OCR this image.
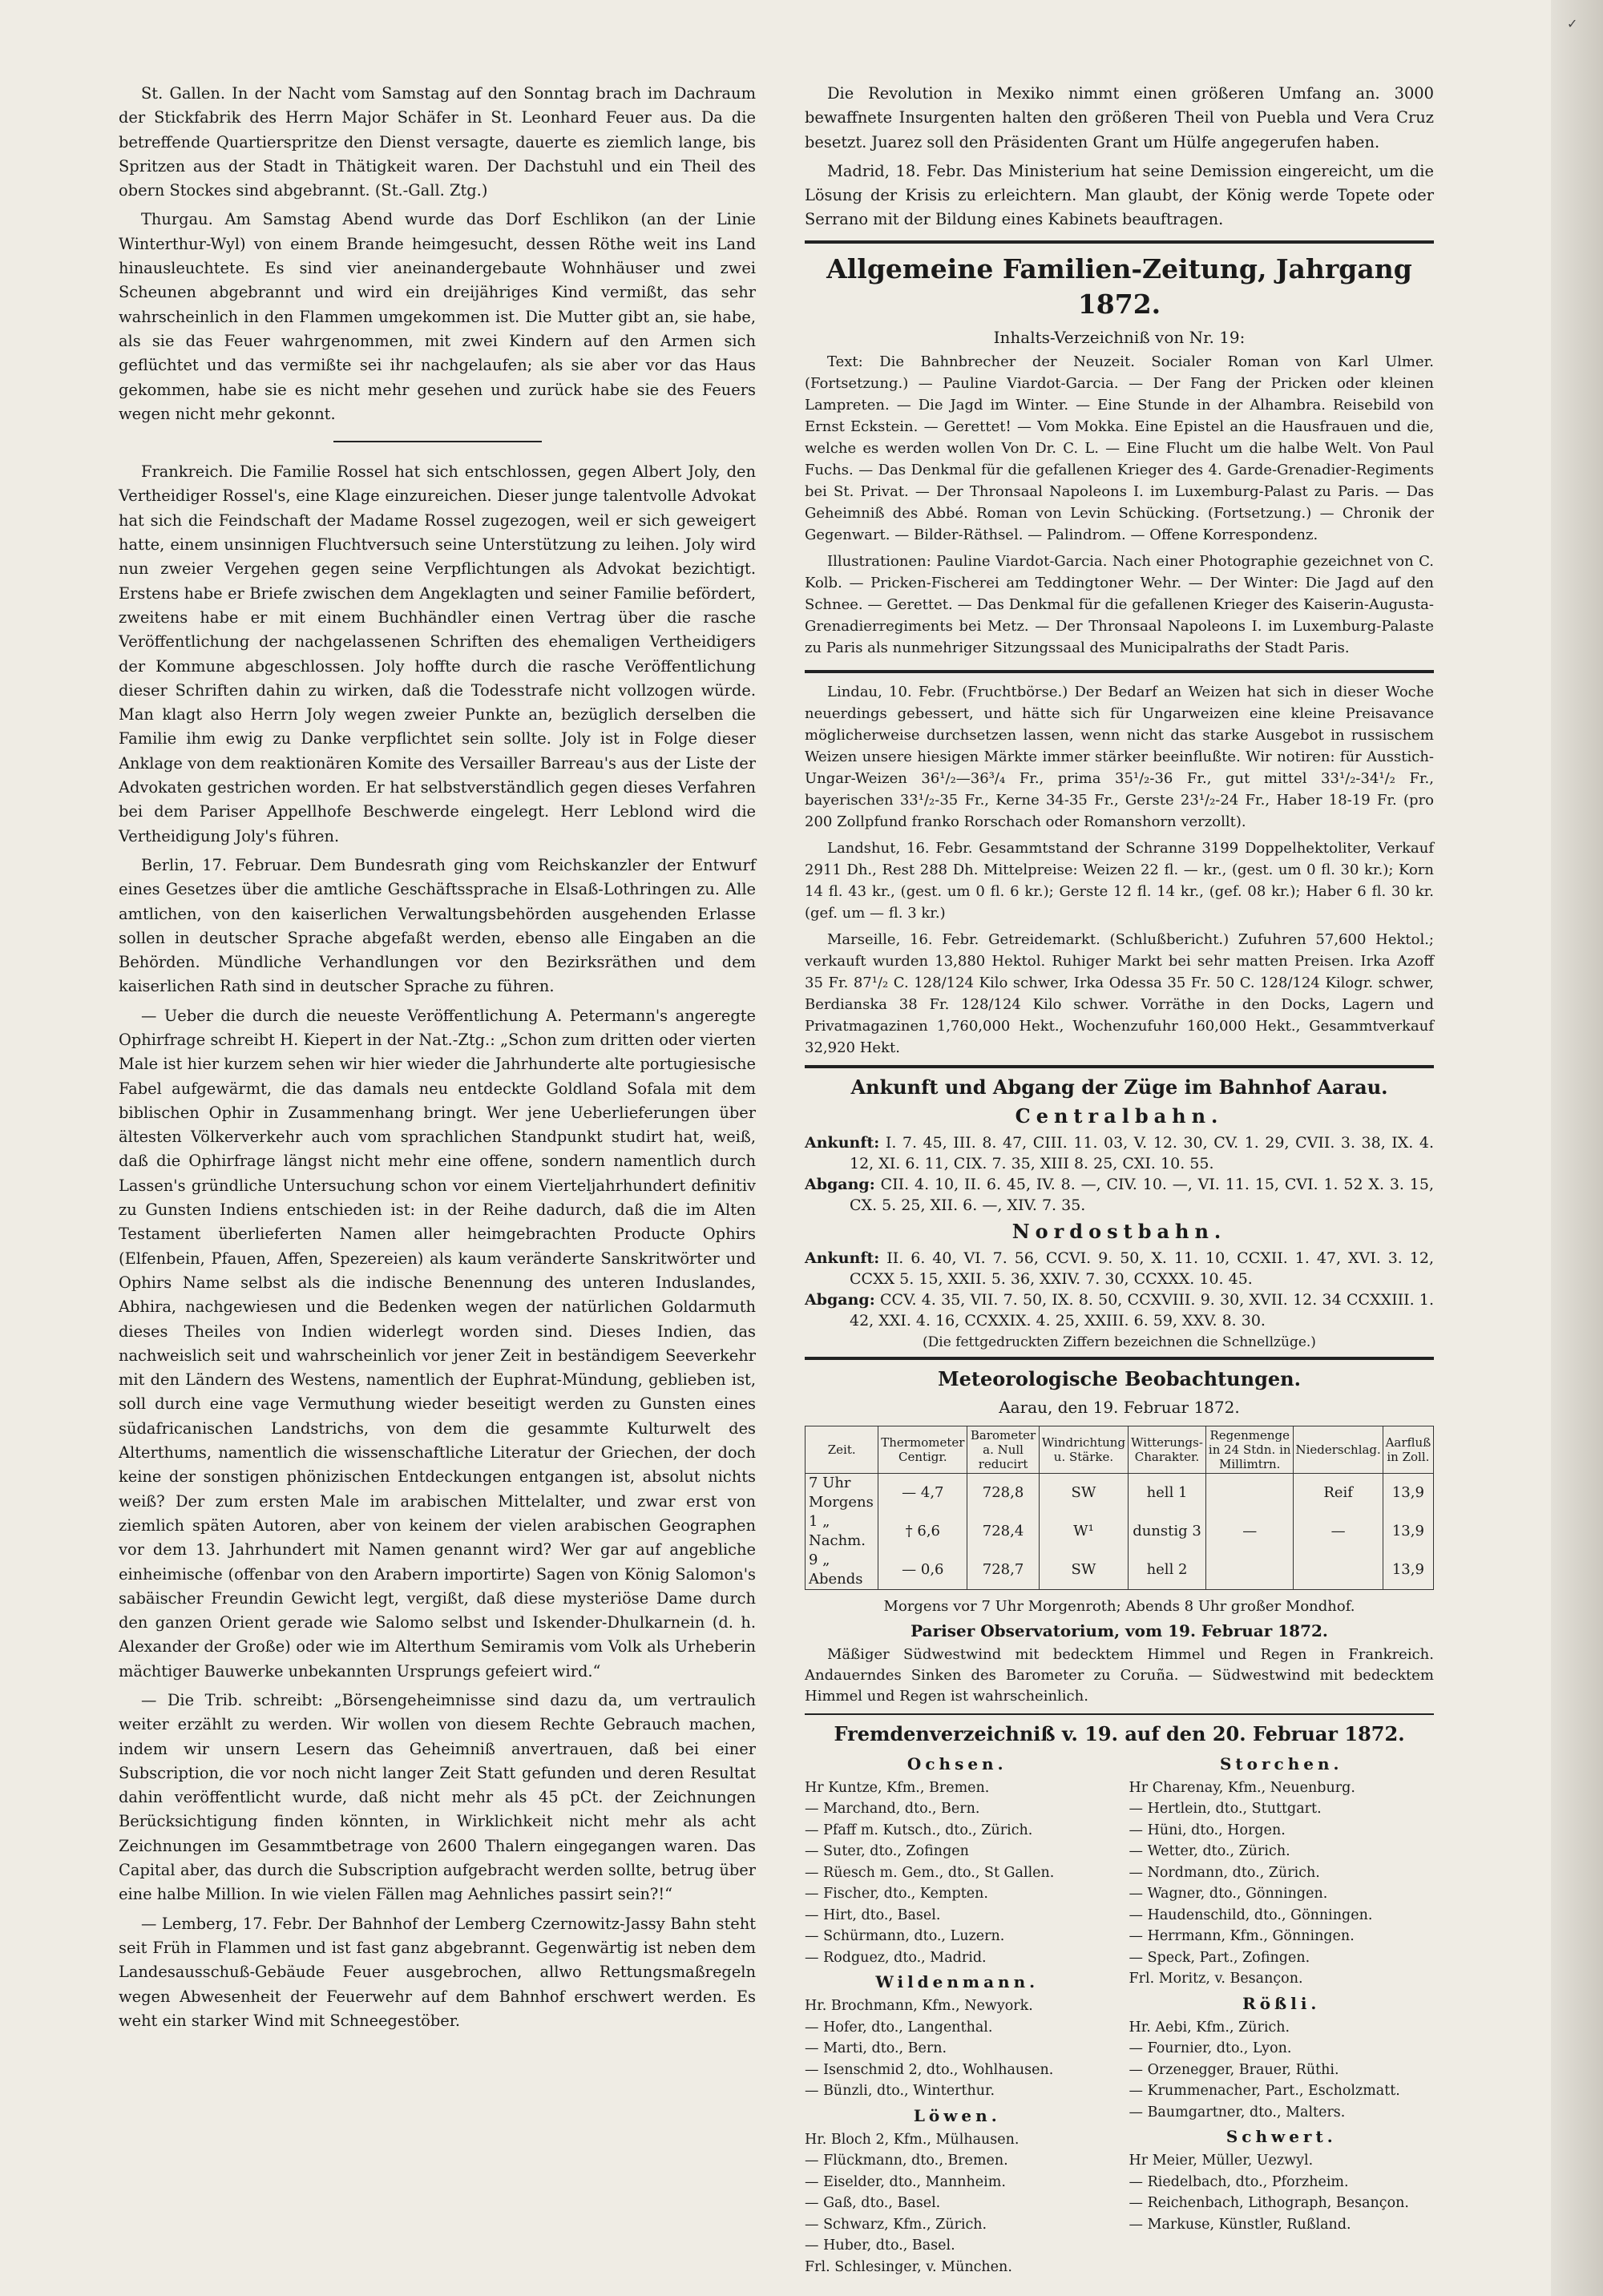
St. Gallen. In der Nacht vom Samstag auf den Sonntag brach im Dachraum der Stickfabrik des Herrn Major Schäfer in St. Leonhard Feuer aus. Da die betreffende Quartierspritze den Dienst versagte, dauerte es ziemlich lange, bis Spritzen aus der Stadt in Thätigkeit waren. Der Dachstuhl und ein Theil des obern Stockes sind abgebrannt. (St.-Gall. Ztg.)

Thurgau. Am Samstag Abend wurde das Dorf Eschlikon (an der Linie Winterthur-Wyl) von einem Brande heimgesucht, dessen Röthe weit ins Land hinausleuchtete. Es sind vier aneinandergebaute Wohnhäuser und zwei Scheunen abgebrannt und wird ein dreijähriges Kind vermißt, das sehr wahrscheinlich in den Flammen umgekommen ist. Die Mutter gibt an, sie habe, als sie das Feuer wahrgenommen, mit zwei Kindern auf den Armen sich geflüchtet und das vermißte sei ihr nachgelaufen; als sie aber vor das Haus gekommen, habe sie es nicht mehr gesehen und zurück habe sie des Feuers wegen nicht mehr gekonnt.

Frankreich. Die Familie Rossel hat sich entschlossen, gegen Albert Joly, den Vertheidiger Rossel's, eine Klage einzureichen. Dieser junge talentvolle Advokat hat sich die Feindschaft der Madame Rossel zugezogen, weil er sich geweigert hatte, einem unsinnigen Fluchtversuch seine Unterstützung zu leihen. Joly wird nun zweier Vergehen gegen seine Verpflichtungen als Advokat bezichtigt. Erstens habe er Briefe zwischen dem Angeklagten und seiner Familie befördert, zweitens habe er mit einem Buchhändler einen Vertrag über die rasche Veröffentlichung der nachgelassenen Schriften des ehemaligen Vertheidigers der Kommune abgeschlossen. Joly hoffte durch die rasche Veröffentlichung dieser Schriften dahin zu wirken, daß die Todesstrafe nicht vollzogen würde. Man klagt also Herrn Joly wegen zweier Punkte an, bezüglich derselben die Familie ihm ewig zu Danke verpflichtet sein sollte. Joly ist in Folge dieser Anklage von dem reaktionären Komite des Versailler Barreau's aus der Liste der Advokaten gestrichen worden. Er hat selbstverständlich gegen dieses Verfahren bei dem Pariser Appellhofe Beschwerde eingelegt. Herr Leblond wird die Vertheidigung Joly's führen.

Berlin, 17. Februar. Dem Bundesrath ging vom Reichskanzler der Entwurf eines Gesetzes über die amtliche Geschäftssprache in Elsaß-Lothringen zu. Alle amtlichen, von den kaiserlichen Verwaltungsbehörden ausgehenden Erlasse sollen in deutscher Sprache abgefaßt werden, ebenso alle Eingaben an die Behörden. Mündliche Verhandlungen vor den Bezirksräthen und dem kaiserlichen Rath sind in deutscher Sprache zu führen.

— Ueber die durch die neueste Veröffentlichung A. Petermann's angeregte Ophirfrage schreibt H. Kiepert in der Nat.-Ztg.: „Schon zum dritten oder vierten Male ist hier kurzem sehen wir hier wieder die Jahrhunderte alte portugiesische Fabel aufgewärmt, die das damals neu entdeckte Goldland Sofala mit dem biblischen Ophir in Zusammenhang bringt. Wer jene Ueberlieferungen über ältesten Völkerverkehr auch vom sprachlichen Standpunkt studirt hat, weiß, daß die Ophirfrage längst nicht mehr eine offene, sondern namentlich durch Lassen's gründliche Untersuchung schon vor einem Vierteljahrhundert definitiv zu Gunsten Indiens entschieden ist: in der Reihe dadurch, daß die im Alten Testament überlieferten Namen aller heimgebrachten Producte Ophirs (Elfenbein, Pfauen, Affen, Spezereien) als kaum veränderte Sanskritwörter und Ophirs Name selbst als die indische Benennung des unteren Induslandes, Abhira, nachgewiesen und die Bedenken wegen der natürlichen Goldarmuth dieses Theiles von Indien widerlegt worden sind. Dieses Indien, das nachweislich seit und wahrscheinlich vor jener Zeit in beständigem Seeverkehr mit den Ländern des Westens, namentlich der Euphrat-Mündung, geblieben ist, soll durch eine vage Vermuthung wieder beseitigt werden zu Gunsten eines südafricanischen Landstrichs, von dem die gesammte Kulturwelt des Alterthums, namentlich die wissenschaftliche Literatur der Griechen, der doch keine der sonstigen phönizischen Entdeckungen entgangen ist, absolut nichts weiß? Der zum ersten Male im arabischen Mittelalter, und zwar erst von ziemlich späten Autoren, aber von keinem der vielen arabischen Geographen vor dem 13. Jahrhundert mit Namen genannt wird? Wer gar auf angebliche einheimische (offenbar von den Arabern importirte) Sagen von König Salomon's sabäischer Freundin Gewicht legt, vergißt, daß diese mysteriöse Dame durch den ganzen Orient gerade wie Salomo selbst und Iskender-Dhulkarnein (d. h. Alexander der Große) oder wie im Alterthum Semiramis vom Volk als Urheberin mächtiger Bauwerke unbekannten Ursprungs gefeiert wird.“

— Die Trib. schreibt: „Börsengeheimnisse sind dazu da, um vertraulich weiter erzählt zu werden. Wir wollen von diesem Rechte Gebrauch machen, indem wir unsern Lesern das Geheimniß anvertrauen, daß bei einer Subscription, die vor noch nicht langer Zeit Statt gefunden und deren Resultat dahin veröffentlicht wurde, daß nicht mehr als 45 pCt. der Zeichnungen Berücksichtigung finden könnten, in Wirklichkeit nicht mehr als acht Zeichnungen im Gesammtbetrage von 2600 Thalern eingegangen waren. Das Capital aber, das durch die Subscription aufgebracht werden sollte, betrug über eine halbe Million. In wie vielen Fällen mag Aehnliches passirt sein?!“

— Lemberg, 17. Febr. Der Bahnhof der Lemberg Czernowitz-Jassy Bahn steht seit Früh in Flammen und ist fast ganz abgebrannt. Gegenwärtig ist neben dem Landesausschuß-Gebäude Feuer ausgebrochen, allwo Rettungsmaßregeln wegen Abwesenheit der Feuerwehr auf dem Bahnhof erschwert werden. Es weht ein starker Wind mit Schneegestöber.

Die Revolution in Mexiko nimmt einen größeren Umfang an. 3000 bewaffnete Insurgenten halten den größeren Theil von Puebla und Vera Cruz besetzt. Juarez soll den Präsidenten Grant um Hülfe angegerufen haben.

Madrid, 18. Febr. Das Ministerium hat seine Demission eingereicht, um die Lösung der Krisis zu erleichtern. Man glaubt, der König werde Topete oder Serrano mit der Bildung eines Kabinets beauftragen.

Allgemeine Familien-Zeitung, Jahrgang 1872.
Inhalts-Verzeichniß von Nr. 19:

Text: Die Bahnbrecher der Neuzeit. Socialer Roman von Karl Ulmer. (Fortsetzung.) — Pauline Viardot-Garcia. — Der Fang der Pricken oder kleinen Lampreten. — Die Jagd im Winter. — Eine Stunde in der Alhambra. Reisebild von Ernst Eckstein. — Gerettet! — Vom Mokka. Eine Epistel an die Hausfrauen und die, welche es werden wollen Von Dr. C. L. — Eine Flucht um die halbe Welt. Von Paul Fuchs. — Das Denkmal für die gefallenen Krieger des 4. Garde-Grenadier-Regiments bei St. Privat. — Der Thronsaal Napoleons I. im Luxemburg-Palast zu Paris. — Das Geheimniß des Abbé. Roman von Levin Schücking. (Fortsetzung.) — Chronik der Gegenwart. — Bilder-Räthsel. — Palindrom. — Offene Korrespondenz.

Illustrationen: Pauline Viardot-Garcia. Nach einer Photographie gezeichnet von C. Kolb. — Pricken-Fischerei am Teddingtoner Wehr. — Der Winter: Die Jagd auf den Schnee. — Gerettet. — Das Denkmal für die gefallenen Krieger des Kaiserin-Augusta-Grenadierregiments bei Metz. — Der Thronsaal Napoleons I. im Luxemburg-Palaste zu Paris als nunmehriger Sitzungssaal des Municipalraths der Stadt Paris.

Lindau, 10. Febr. (Fruchtbörse.) Der Bedarf an Weizen hat sich in dieser Woche neuerdings gebessert, und hätte sich für Ungarweizen eine kleine Preisavance möglicherweise durchsetzen lassen, wenn nicht das starke Ausgebot in russischem Weizen unsere hiesigen Märkte immer stärker beeinflußte. Wir notiren: für Ausstich-Ungar-Weizen 36¹/₂—36³/₄ Fr., prima 35¹/₂-36 Fr., gut mittel 33¹/₂-34¹/₂ Fr., bayerischen 33¹/₂-35 Fr., Kerne 34-35 Fr., Gerste 23¹/₂-24 Fr., Haber 18-19 Fr. (pro 200 Zollpfund franko Rorschach oder Romanshorn verzollt).

Landshut, 16. Febr. Gesammtstand der Schranne 3199 Doppelhektoliter, Verkauf 2911 Dh., Rest 288 Dh. Mittelpreise: Weizen 22 fl. — kr., (gest. um 0 fl. 30 kr.); Korn 14 fl. 43 kr., (gest. um 0 fl. 6 kr.); Gerste 12 fl. 14 kr., (gef. 08 kr.); Haber 6 fl. 30 kr. (gef. um — fl. 3 kr.)

Marseille, 16. Febr. Getreidemarkt. (Schlußbericht.) Zufuhren 57,600 Hektol.; verkauft wurden 13,880 Hektol. Ruhiger Markt bei sehr matten Preisen. Irka Azoff 35 Fr. 87¹/₂ C. 128/124 Kilo schwer, Irka Odessa 35 Fr. 50 C. 128/124 Kilogr. schwer, Berdianska 38 Fr. 128/124 Kilo schwer. Vorräthe in den Docks, Lagern und Privatmagazinen 1,760,000 Hekt., Wochenzufuhr 160,000 Hekt., Gesammtverkauf 32,920 Hekt.

Ankunft und Abgang der Züge im Bahnhof Aarau.
Centralbahn.

Ankunft: I. 7. 45, III. 8. 47, CIII. 11. 03, V. 12. 30, CV. 1. 29, CVII. 3. 38, IX. 4. 12, XI. 6. 11, CIX. 7. 35, XIII 8. 25, CXI. 10. 55.

Abgang: CII. 4. 10, II. 6. 45, IV. 8. —, CIV. 10. —, VI. 11. 15, CVI. 1. 52 X. 3. 15, CX. 5. 25, XII. 6. —, XIV. 7. 35.

Nordostbahn.

Ankunft: II. 6. 40, VI. 7. 56, CCVI. 9. 50, X. 11. 10, CCXII. 1. 47, XVI. 3. 12, CCXX 5. 15, XXII. 5. 36, XXIV. 7. 30, CCXXX. 10. 45.

Abgang: CCV. 4. 35, VII. 7. 50, IX. 8. 50, CCXVIII. 9. 30, XVII. 12. 34 CCXXIII. 1. 42, XXI. 4. 16, CCXXIX. 4. 25, XXIII. 6. 59, XXV. 8. 30.

(Die fettgedruckten Ziffern bezeichnen die Schnellzüge.)
Meteorologische Beobachtungen.
Aarau, den 19. Februar 1872.
Zeit.	Thermometer Centigr.	Barometer a. Null reducirt	Windrichtung u. Stärke.	Witterungs-Charakter.	Regenmenge in 24 Stdn. in Millimtrn.	Niederschlag.	Aarfluß in Zoll.
7 Uhr Morgens	— 4,7	728,8	SW	hell 1		Reif	13,9
1 „ Nachm.	† 6,6	728,4	W¹	dunstig 3	—	—	13,9
9 „ Abends	— 0,6	728,7	SW	hell 2			13,9

Morgens vor 7 Uhr Morgenroth; Abends 8 Uhr großer Mondhof.

Pariser Observatorium, vom 19. Februar 1872.

Mäßiger Südwestwind mit bedecktem Himmel und Regen in Frankreich. Andauerndes Sinken des Barometer zu Coruña. — Südwestwind mit bedecktem Himmel und Regen ist wahrscheinlich.

Fremdenverzeichniß v. 19. auf den 20. Februar 1872.
Ochsen.

Hr Kuntze, Kfm., Bremen.

— Marchand, dto., Bern.

— Pfaff m. Kutsch., dto., Zürich.

— Suter, dto., Zofingen

— Rüesch m. Gem., dto., St Gallen.

— Fischer, dto., Kempten.

— Hirt, dto., Basel.

— Schürmann, dto., Luzern.

— Rodguez, dto., Madrid.

Wildenmann.

Hr. Brochmann, Kfm., Newyork.

— Hofer, dto., Langenthal.

— Marti, dto., Bern.

— Isenschmid 2, dto., Wohlhausen.

— Bünzli, dto., Winterthur.

Löwen.

Hr. Bloch 2, Kfm., Mülhausen.

— Flückmann, dto., Bremen.

— Eiselder, dto., Mannheim.

— Gaß, dto., Basel.

— Schwarz, Kfm., Zürich.

— Huber, dto., Basel.

Frl. Schlesinger, v. München.

Storchen.

Hr Charenay, Kfm., Neuenburg.

— Hertlein, dto., Stuttgart.

— Hüni, dto., Horgen.

— Wetter, dto., Zürich.

— Nordmann, dto., Zürich.

— Wagner, dto., Gönningen.

— Haudenschild, dto., Gönningen.

— Herrmann, Kfm., Gönningen.

— Speck, Part., Zofingen.

Frl. Moritz, v. Besançon.

Rößli.

Hr. Aebi, Kfm., Zürich.

— Fournier, dto., Lyon.

— Orzenegger, Brauer, Rüthi.

— Krummenacher, Part., Escholzmatt.

— Baumgartner, dto., Malters.

Schwert.

Hr Meier, Müller, Uezwyl.

— Riedelbach, dto., Pforzheim.

— Reichenbach, Lithograph, Besançon.

— Markuse, Künstler, Rußland.

✓
